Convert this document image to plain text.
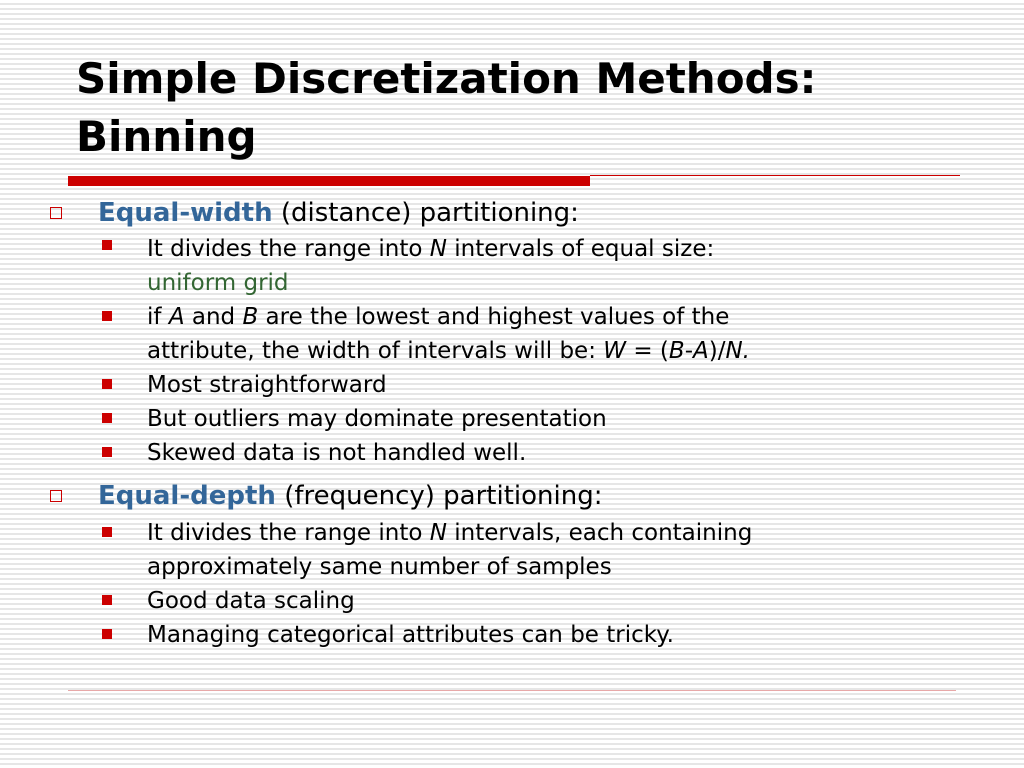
Simple Discretization Methods:
Binning
Equal-width (distance) partitioning:
It divides the range into N intervals of equal size:
uniform grid
if A and B are the lowest and highest values of the
attribute, the width of intervals will be: W = (B-A)/N.
Most straightforward
But outliers may dominate presentation
Skewed data is not handled well.
Equal-depth (frequency) partitioning:
It divides the range into N intervals, each containing
approximately same number of samples
Good data scaling
Managing categorical attributes can be tricky.
